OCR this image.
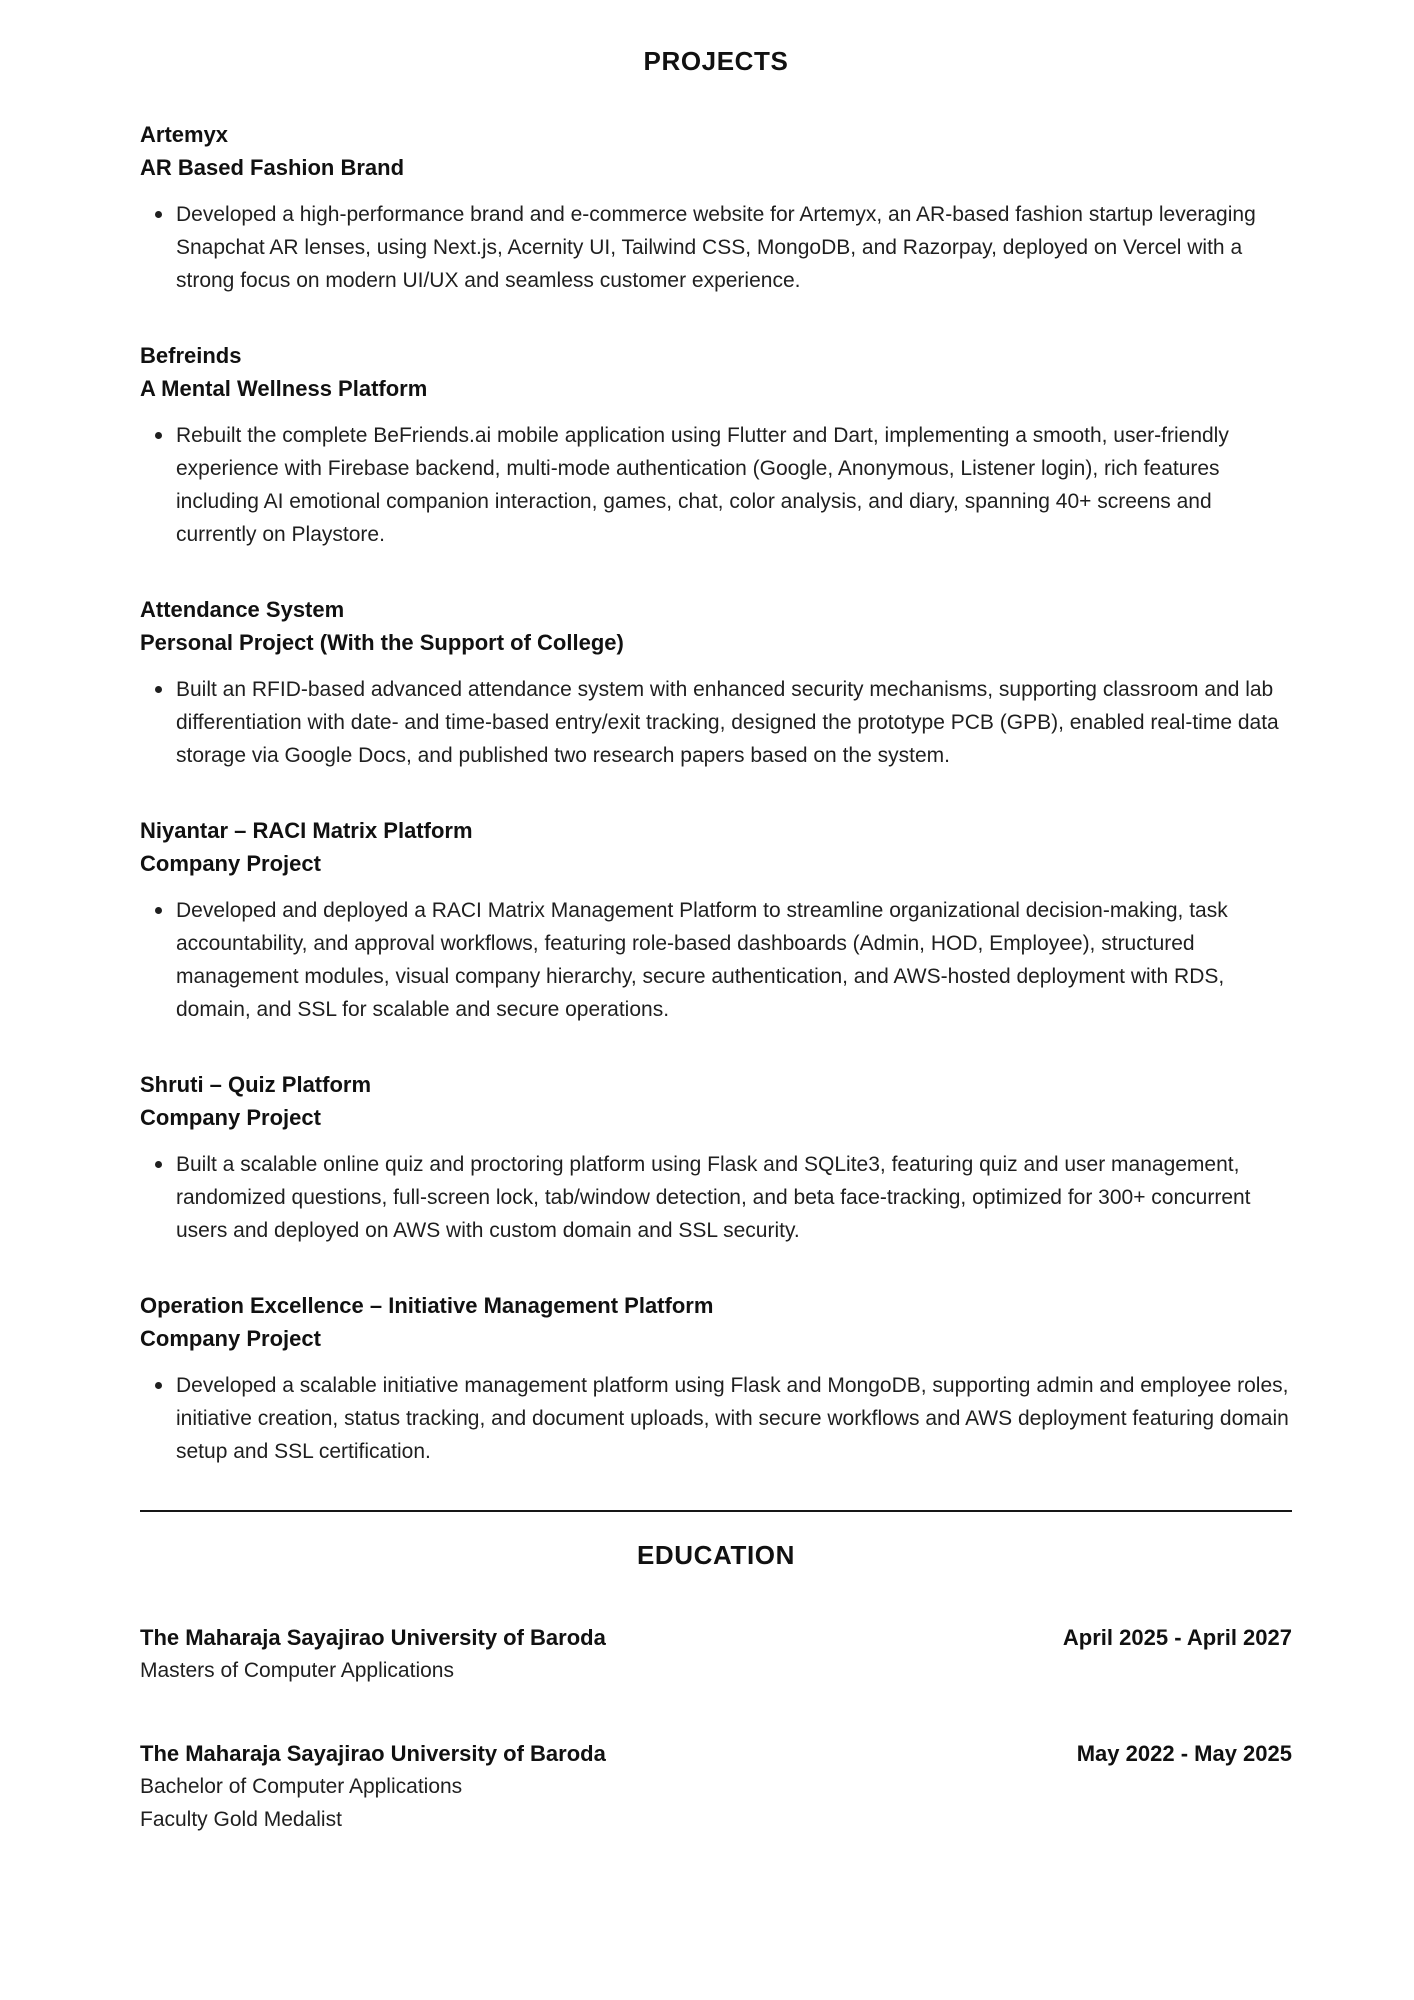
PROJECTS
Artemyx
AR Based Fashion Brand
Developed a high-performance brand and e-commerce website for Artemyx, an AR-based fashion startup leveraging Snapchat AR lenses, using Next.js, Acernity UI, Tailwind CSS, MongoDB, and Razorpay, deployed on Vercel with a strong focus on modern UI/UX and seamless customer experience.
Befreinds
A Mental Wellness Platform
Rebuilt the complete BeFriends.ai mobile application using Flutter and Dart, implementing a smooth, user-friendly experience with Firebase backend, multi-mode authentication (Google, Anonymous, Listener login), rich features including AI emotional companion interaction, games, chat, color analysis, and diary, spanning 40+ screens and currently on Playstore.
Attendance System
Personal Project (With the Support of College)
Built an RFID-based advanced attendance system with enhanced security mechanisms, supporting classroom and lab differentiation with date- and time-based entry/exit tracking, designed the prototype PCB (GPB), enabled real-time data storage via Google Docs, and published two research papers based on the system.
Niyantar – RACI Matrix Platform
Company Project
Developed and deployed a RACI Matrix Management Platform to streamline organizational decision-making, task accountability, and approval workflows, featuring role-based dashboards (Admin, HOD, Employee), structured management modules, visual company hierarchy, secure authentication, and AWS-hosted deployment with RDS, domain, and SSL for scalable and secure operations.
Shruti – Quiz Platform
Company Project
Built a scalable online quiz and proctoring platform using Flask and SQLite3, featuring quiz and user management, randomized questions, full-screen lock, tab/window detection, and beta face-tracking, optimized for 300+ concurrent users and deployed on AWS with custom domain and SSL security.
Operation Excellence – Initiative Management Platform
Company Project
Developed a scalable initiative management platform using Flask and MongoDB, supporting admin and employee roles, initiative creation, status tracking, and document uploads, with secure workflows and AWS deployment featuring domain setup and SSL certification.
EDUCATION
The Maharaja Sayajirao University of Baroda	April 2025 - April 2027
Masters of Computer Applications
The Maharaja Sayajirao University of Baroda	May 2022 - May 2025
Bachelor of Computer Applications
Faculty Gold Medalist
